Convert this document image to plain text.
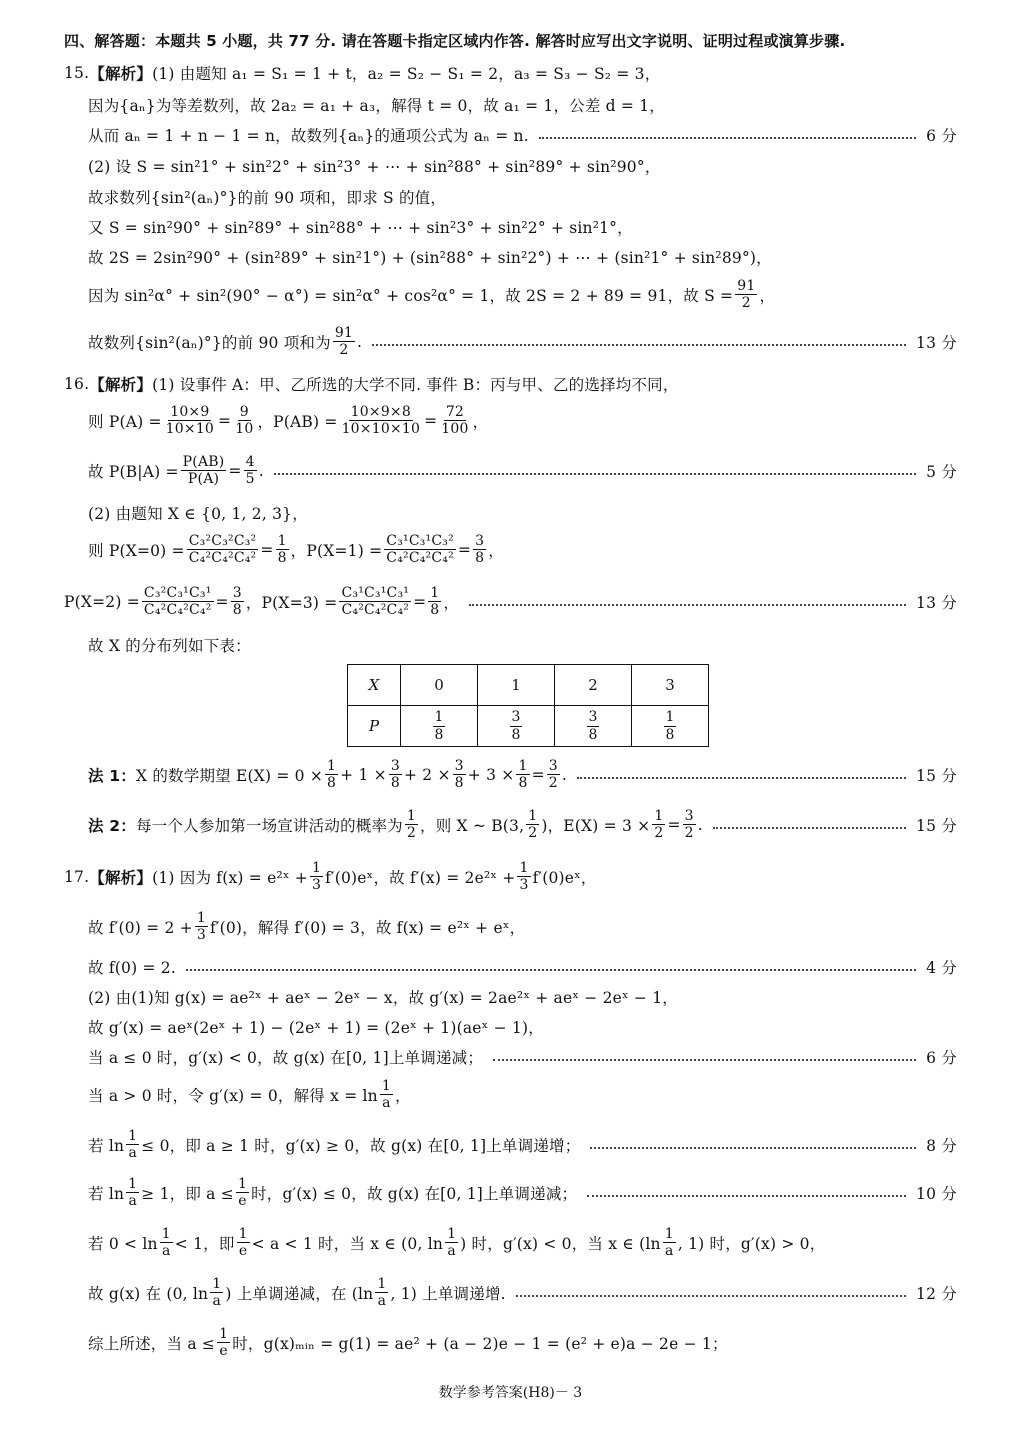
四、解答题：本题共 5 小题，共 77 分. 请在答题卡指定区域内作答. 解答时应写出文字说明、证明过程或演算步骤.
15. 【解析】 (1) 由题知 a₁ = S₁ = 1 + t，a₂ = S₂ − S₁ = 2，a₃ = S₃ − S₂ = 3，
因为{aₙ}为等差数列，故 2a₂ = a₁ + a₃，解得 t = 0，故 a₁ = 1，公差 d = 1，
从而 aₙ = 1 + n − 1 = n，故数列{aₙ}的通项公式为 aₙ = n.	6 分
(2) 设 S = sin²1° + sin²2° + sin²3° + ⋯ + sin²88° + sin²89° + sin²90°，
故求数列{sin²(aₙ)°}的前 90 项和，即求 S 的值，
又 S = sin²90° + sin²89° + sin²88° + ⋯ + sin²3° + sin²2° + sin²1°，
故 2S = 2sin²90° + (sin²89° + sin²1°) + (sin²88° + sin²2°) + ⋯ + (sin²1° + sin²89°)，
因为 sin²α° + sin²(90° − α°) = sin²α° + cos²α° = 1，故 2S = 2 + 89 = 91，故 $S = \frac{91}{2}$ ，
故数列{sin²(aₙ)°}的前 90 项和为 $\frac{91}{2}$ .	13 分
16. 【解析】 (1) 设事件 A：甲、乙所选的大学不同. 事件 B：丙与甲、乙的选择均不同，
则 $P(A) = \frac{10\times 9}{10\times 10} = \frac{9}{10}$ ，$P(AB) = \frac{10\times 9\times 8}{10\times 10\times 10} = \frac{72}{100}$ ，
故 $P(B|A) = \frac{P(AB)}{P(A)} = \frac{4}{5}$ .	5 分
(2) 由题知 X ∈ {0, 1, 2, 3}，
则 $P(X=0) = \frac{\text{C₃²C₃²C₃²}}{\text{C₄²C₄²C₄²}} = \frac{1}{8}$ ，$P(X=1) = \frac{\text{C₃¹C₃¹C₃²}}{\text{C₄²C₄²C₄²}} = \frac{3}{8}$ ，
$P(X=2) = \frac{\text{C₃²C₃¹C₃¹}}{\text{C₄²C₄²C₄²}} = \frac{3}{8}$ ，$P(X=3) = \frac{\text{C₃¹C₃¹C₃¹}}{\text{C₄²C₄²C₄²}} = \frac{1}{8}$ ，	13 分
故 X 的分布列如下表：
X	0	1	2	3
P	$\frac{1}{8}$	$\frac{3}{8}$	$\frac{3}{8}$	$\frac{1}{8}$
法 1： X 的数学期望 $E(X) = 0 \times \frac{1}{8} + 1 \times \frac{3}{8} + 2 \times \frac{3}{8} + 3 \times \frac{1}{8} = \frac{3}{2}$ .	15 分
法 2： 每一个人参加第一场宣讲活动的概率为 $\frac{1}{2}$ ，则 X ~ B(3, $\frac{1}{2}$ )，$E(X) = 3 \times \frac{1}{2} = \frac{3}{2}$ .	15 分
17. 【解析】 (1) 因为 f(x) = e²ˣ + $\frac{1}{3}$ f′(0)eˣ，故 f′(x) = 2e²ˣ + $\frac{1}{3}$ f′(0)eˣ，
故 $f'(0) = 2 + \frac{1}{3} f'(0)$，解得 f′(0) = 3，故 f(x) = e²ˣ + eˣ，
故 f(0) = 2.	4 分
(2) 由(1)知 g(x) = ae²ˣ + aeˣ − 2eˣ − x，故 g′(x) = 2ae²ˣ + aeˣ − 2eˣ − 1，
故 g′(x) = aeˣ(2eˣ + 1) − (2eˣ + 1) = (2eˣ + 1)(aeˣ − 1)，
当 a ≤ 0 时，g′(x) < 0，故 g(x) 在[0, 1]上单调递减；	6 分
当 a > 0 时，令 g′(x) = 0，解得 $x = \ln \frac{1}{a}$ ，
若 $\ln \frac{1}{a} \le 0$，即 a ≥ 1 时，g′(x) ≥ 0，故 g(x) 在[0, 1]上单调递增；	8 分
若 $\ln \frac{1}{a} \ge 1$，即 $a \le \frac{1}{e}$ 时，g′(x) ≤ 0，故 g(x) 在[0, 1]上单调递减；	10 分
若 $0 < \ln \frac{1}{a} < 1$，即 $\frac{1}{e} < a < 1$ 时，当 x ∈ (0, $\ln \frac{1}{a}$ ) 时，g′(x) < 0，当 x ∈ ($\ln \frac{1}{a}$ , 1) 时，g′(x) > 0，
故 g(x) 在 (0, $\ln \frac{1}{a}$ ) 上单调递减，在 ($\ln \frac{1}{a}$ , 1) 上单调递增.	12 分
综上所述，当 $a \le \frac{1}{e}$ 时，g(x)ₘᵢₙ = g(1) = ae² + (a − 2)e − 1 = (e² + e)a − 2e − 1；
数学参考答案(H8)－ 3
